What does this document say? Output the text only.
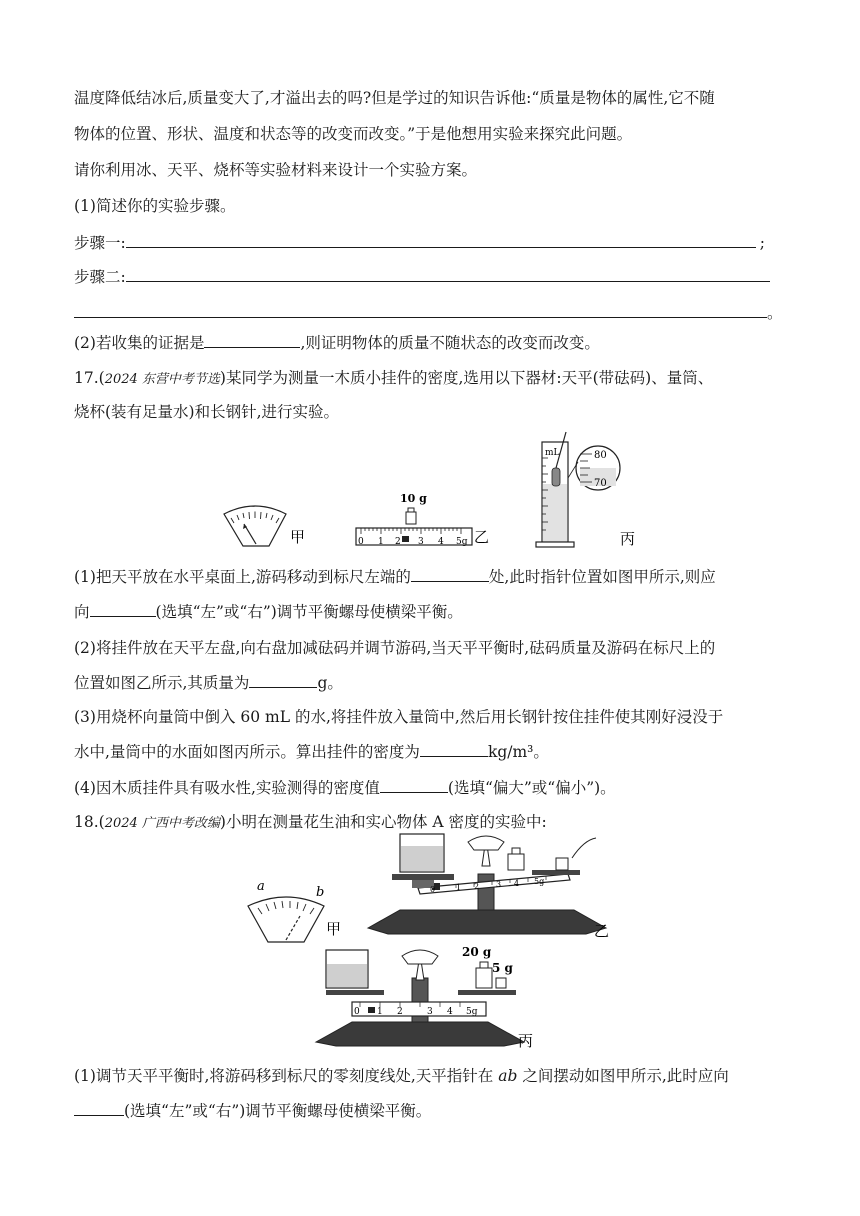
温度降低结冰后,质量变大了,才溢出去的吗?但是学过的知识告诉他:“质量是物体的属性,它不随
物体的位置、形状、温度和状态等的改变而改变。”于是他想用实验来探究此问题。
请你利用冰、天平、烧杯等实验材料来设计一个实验方案。
(1)简述你的实验步骤。
步骤一:	;
步骤二:
。
(2)若收集的证据是	,则证明物体的质量不随状态的改变而改变。
17.(2024 东营中考节选)某同学为测量一木质小挂件的密度,选用以下器材:天平(带砝码)、量筒、
烧杯(装有足量水)和长钢针,进行实验。
甲	0 1 2 3 4 5g
10 g
乙
mL	80
70
丙
(1)把天平放在水平桌面上,游码移动到标尺左端的	处,此时指针位置如图甲所示,则应
向	(选填“左”或“右”)调节平衡螺母使横梁平衡。
(2)将挂件放在天平左盘,向右盘加减砝码并调节游码,当天平平衡时,砝码质量及游码在标尺上的
位置如图乙所示,其质量为	g。
(3)用烧杯向量筒中倒入 60 mL 的水,将挂件放入量筒中,然后用长钢针按住挂件使其刚好浸没于
水中,量筒中的水面如图丙所示。算出挂件的密度为	kg/m³。
(4)因木质挂件具有吸水性,实验测得的密度值	(选填“偏大”或“偏小”)。
18.(2024 广西中考改编)小明在测量花生油和实心物体 A 密度的实验中:
a	b
甲
0	1 2 3 4 5g
乙
0 1 2	3 4 5g
20 g
5 g
丙
(1)调节天平平衡时,将游码移到标尺的零刻度线处,天平指针在 ab 之间摆动如图甲所示,此时应向
(选填“左”或“右”)调节平衡螺母使横梁平衡。
